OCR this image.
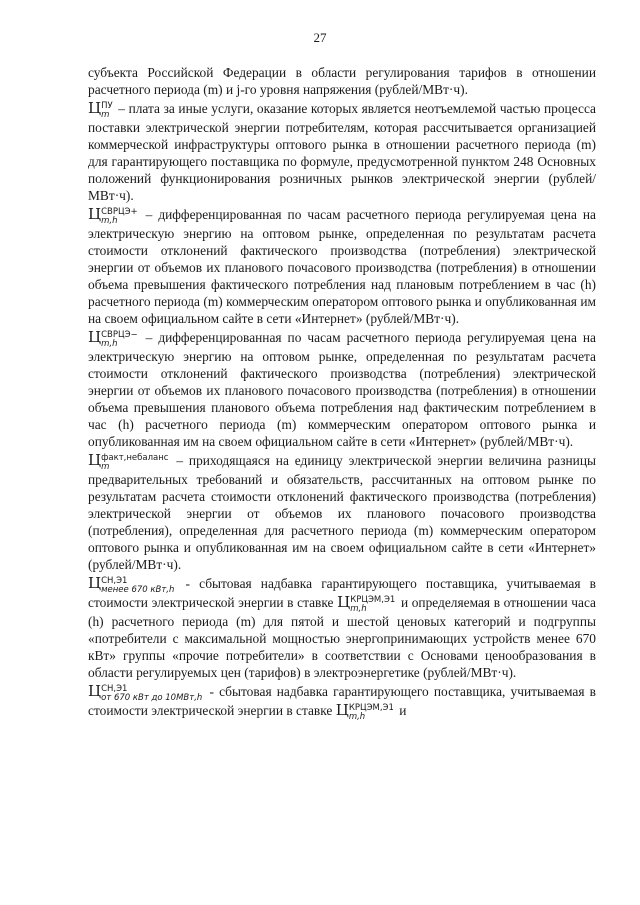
27

субъекта Российской Федерации в области регулирования тарифов в отношении расчетного периода (m) и j-го уровня напряжения (рублей/МВт·ч).

Ц ПУ
m – плата за иные услуги, оказание которых является неотъемлемой частью процесса поставки электрической энергии потребителям, которая рассчитывается организацией коммерческой инфраструктуры оптового рынка в отношении расчетного периода (m) для гарантирующего поставщика по формуле, предусмотренной пунктом 248 Основных положений функционирования розничных рынков электрической энергии (рублей/МВт·ч).

Ц СВРЦЭ+
m,h	– дифференцированная по часам расчетного периода регулируемая цена на электрическую энергию на оптовом рынке, определенная по результатам расчета стоимости отклонений фактического производства (потребления) электрической энергии от объемов их планового почасового производства (потребления) в отношении объема превышения фактического потребления над плановым потреблением в час (h) расчетного периода (m) коммерческим оператором оптового рынка и опубликованная им на своем официальном сайте в сети «Интернет» (рублей/МВт·ч).

Ц СВРЦЭ−
m,h	– дифференцированная по часам расчетного периода регулируемая цена на электрическую энергию на оптовом рынке, определенная по результатам расчета стоимости отклонений фактического производства (потребления) электрической энергии от объемов их планового почасового производства (потребления) в отношении объема превышения планового объема потребления над фактическим потреблением в час (h) расчетного периода (m) коммерческим оператором оптового рынка и опубликованная им на своем официальном сайте в сети «Интернет» (рублей/МВт·ч).

Ц факт,небаланс
m	– приходящаяся на единицу электрической энергии величина разницы предварительных требований и обязательств, рассчитанных на оптовом рынке по результатам расчета стоимости отклонений фактического производства (потребления) электрической энергии от объемов их планового почасового производства (потребления), определенная для расчетного периода (m) коммерческим оператором оптового рынка и опубликованная им на своем официальном сайте в сети «Интернет» (рублей/МВт·ч).

Ц СН,Э1
менее 670 кВт,h - сбытовая надбавка гарантирующего поставщика, учитываемая в стоимости электрической энергии в ставке Ц КРЦЭМ,Э1
m,h	и определяемая в отношении часа (h) расчетного периода (m) для пятой и шестой ценовых категорий и подгруппы «потребители с максимальной мощностью энергопринимающих устройств менее 670 кВт» группы «прочие потребители» в соответствии с Основами ценообразования в области регулируемых цен (тарифов) в электроэнергетике (рублей/МВт·ч).

Ц СН,Э1
от 670 кВт до 10МВт,h - сбытовая надбавка гарантирующего поставщика, учитываемая в стоимости электрической энергии в ставке Ц КРЦЭМ,Э1
m,h	и
